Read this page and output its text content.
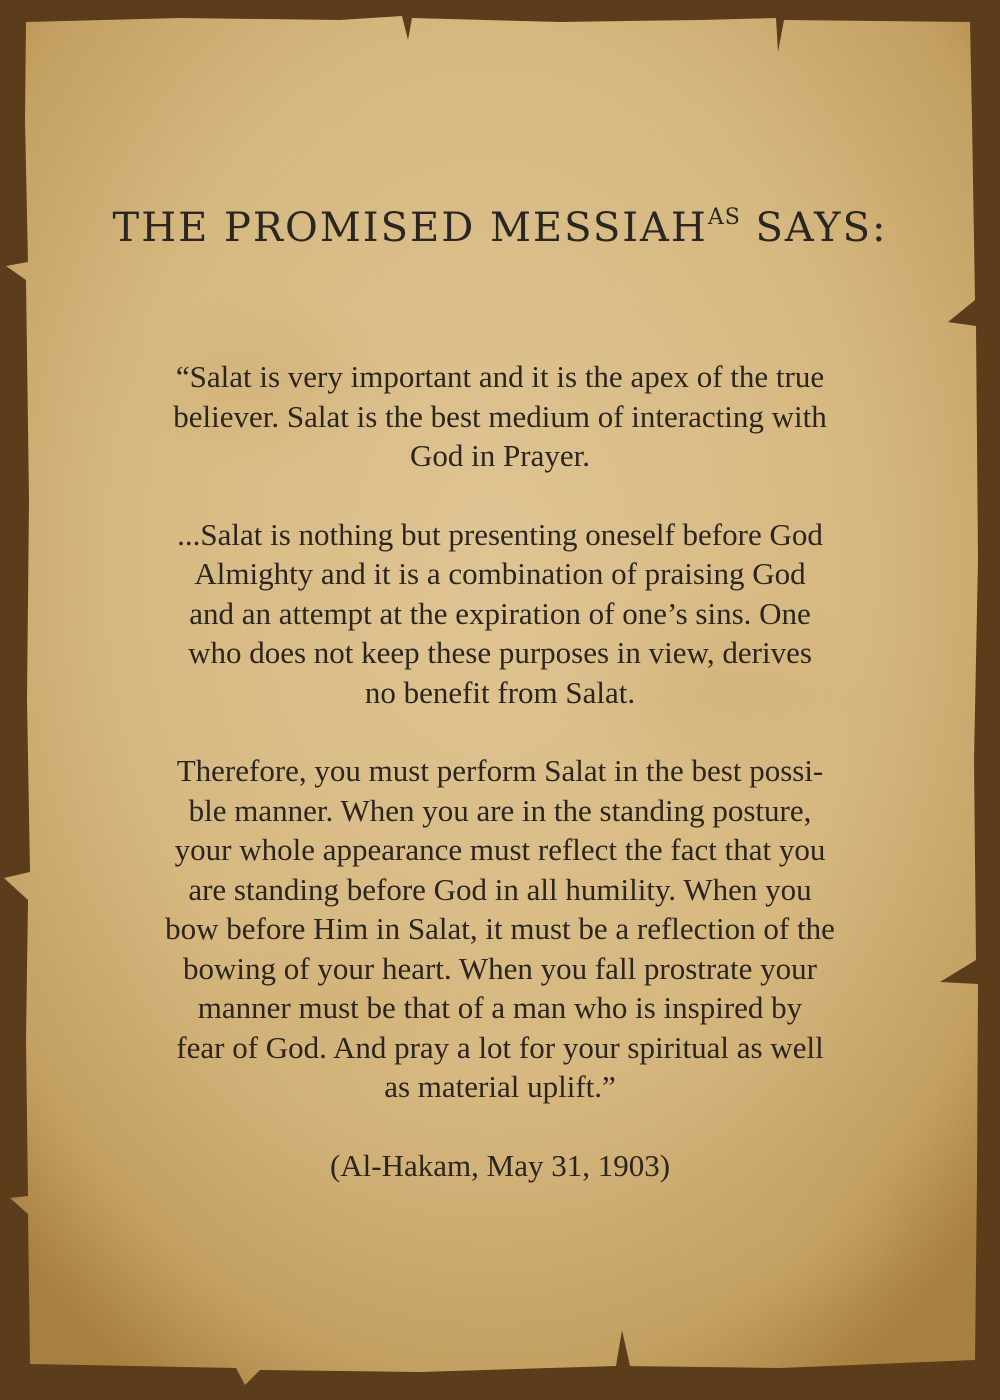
THE PROMISED $MESSIAH^{AS}$ SAYS:

“Salat is very important and it is the apex of the true
believer. Salat is the best medium of interacting with
God in Prayer.

...Salat is nothing but presenting oneself before God
Almighty and it is a combination of praising God
and an attempt at the expiration of one’s sins. One
who does not keep these purposes in view, derives
no benefit from Salat.

Therefore, you must perform Salat in the best possi-
ble manner. When you are in the standing posture,
your whole appearance must reflect the fact that you
are standing before God in all humility. When you
bow before Him in Salat, it must be a reflection of the
bowing of your heart. When you fall prostrate your
manner must be that of a man who is inspired by
fear of God. And pray a lot for your spiritual as well
as material uplift.”

(Al-Hakam, May 31, 1903)
